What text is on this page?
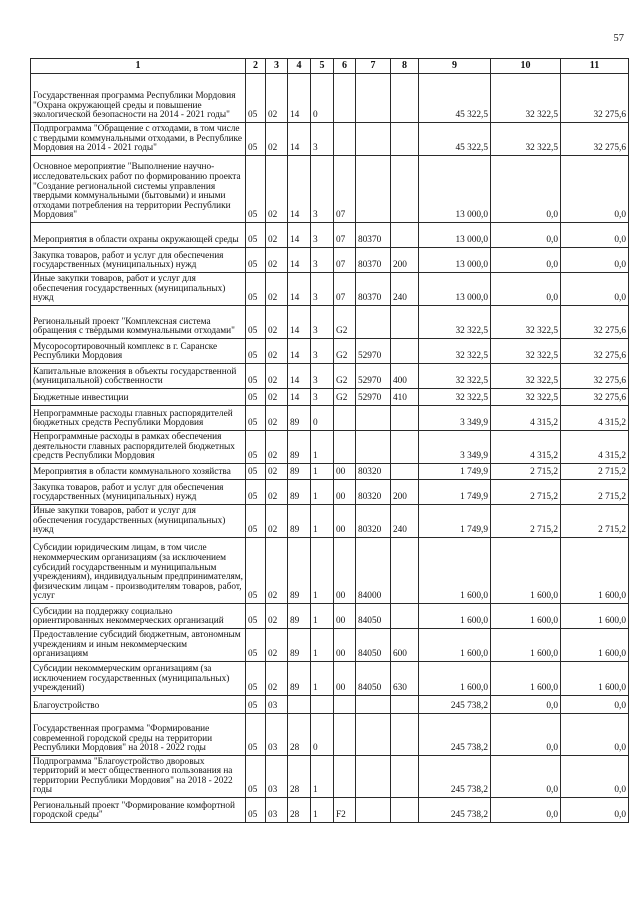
57
1	2	3	4	5	6	7	8	9	10	11
Государственная программа Республики Мордовия "Охрана окружающей среды и повышение экологической безопасности на 2014 - 2021 годы"	05	02	14	0				45 322,5	32 322,5	32 275,6
Подпрограмма "Обращение с отходами, в том числе с твердыми коммунальными отходами, в Республике Мордовия на 2014 - 2021 годы"	05	02	14	3				45 322,5	32 322,5	32 275,6
Основное мероприятие "Выполнение научно-исследовательских работ по формированию проекта "Создание региональной системы управления твердыми коммунальными (бытовыми) и иными отходами потребления на территории Республики Мордовия"	05	02	14	3	07			13 000,0	0,0	0,0
Мероприятия в области охраны окружающей среды	05	02	14	3	07	80370		13 000,0	0,0	0,0
Закупка товаров, работ и услуг для обеспечения государственных (муниципальных) нужд	05	02	14	3	07	80370	200	13 000,0	0,0	0,0
Иные закупки товаров, работ и услуг для обеспечения государственных (муниципальных) нужд	05	02	14	3	07	80370	240	13 000,0	0,0	0,0
Региональный проект "Комплексная система обращения с твёрдыми коммунальными отходами"	05	02	14	3	G2			32 322,5	32 322,5	32 275,6
Мусоросортировочный комплекс в г. Саранске Республики Мордовия	05	02	14	3	G2	52970		32 322,5	32 322,5	32 275,6
Капитальные вложения в объекты государственной (муниципальной) собственности	05	02	14	3	G2	52970	400	32 322,5	32 322,5	32 275,6
Бюджетные инвестиции	05	02	14	3	G2	52970	410	32 322,5	32 322,5	32 275,6
Непрограммные расходы главных распорядителей бюджетных средств Республики Мордовия	05	02	89	0				3 349,9	4 315,2	4 315,2
Непрограммные расходы в рамках обеспечения деятельности главных распорядителей бюджетных средств Республики Мордовия	05	02	89	1				3 349,9	4 315,2	4 315,2
Мероприятия в области коммунального хозяйства	05	02	89	1	00	80320		1 749,9	2 715,2	2 715,2
Закупка товаров, работ и услуг для обеспечения государственных (муниципальных) нужд	05	02	89	1	00	80320	200	1 749,9	2 715,2	2 715,2
Иные закупки товаров, работ и услуг для обеспечения государственных (муниципальных) нужд	05	02	89	1	00	80320	240	1 749,9	2 715,2	2 715,2
Субсидии юридическим лицам, в том числе некоммерческим организациям (за исключением субсидий государственным и муниципальным учреждениям), индивидуальным предпринимателям, физическим лицам - производителям товаров, работ, услуг	05	02	89	1	00	84000		1 600,0	1 600,0	1 600,0
Субсидии на поддержку социально ориентированных некоммерческих организаций	05	02	89	1	00	84050		1 600,0	1 600,0	1 600,0
Предоставление субсидий бюджетным, автономным учреждениям и иным некоммерческим организациям	05	02	89	1	00	84050	600	1 600,0	1 600,0	1 600,0
Субсидии некоммерческим организациям (за исключением государственных (муниципальных) учреждений)	05	02	89	1	00	84050	630	1 600,0	1 600,0	1 600,0
Благоустройство	05	03						245 738,2	0,0	0,0
Государственная программа "Формирование современной городской среды на территории Республики Мордовия" на 2018 - 2022 годы	05	03	28	0				245 738,2	0,0	0,0
Подпрограмма "Благоустройство дворовых территорий и мест общественного пользования на территории Республики Мордовия" на 2018 - 2022 годы	05	03	28	1				245 738,2	0,0	0,0
Региональный проект "Формирование комфортной городской среды"	05	03	28	1	F2			245 738,2	0,0	0,0
